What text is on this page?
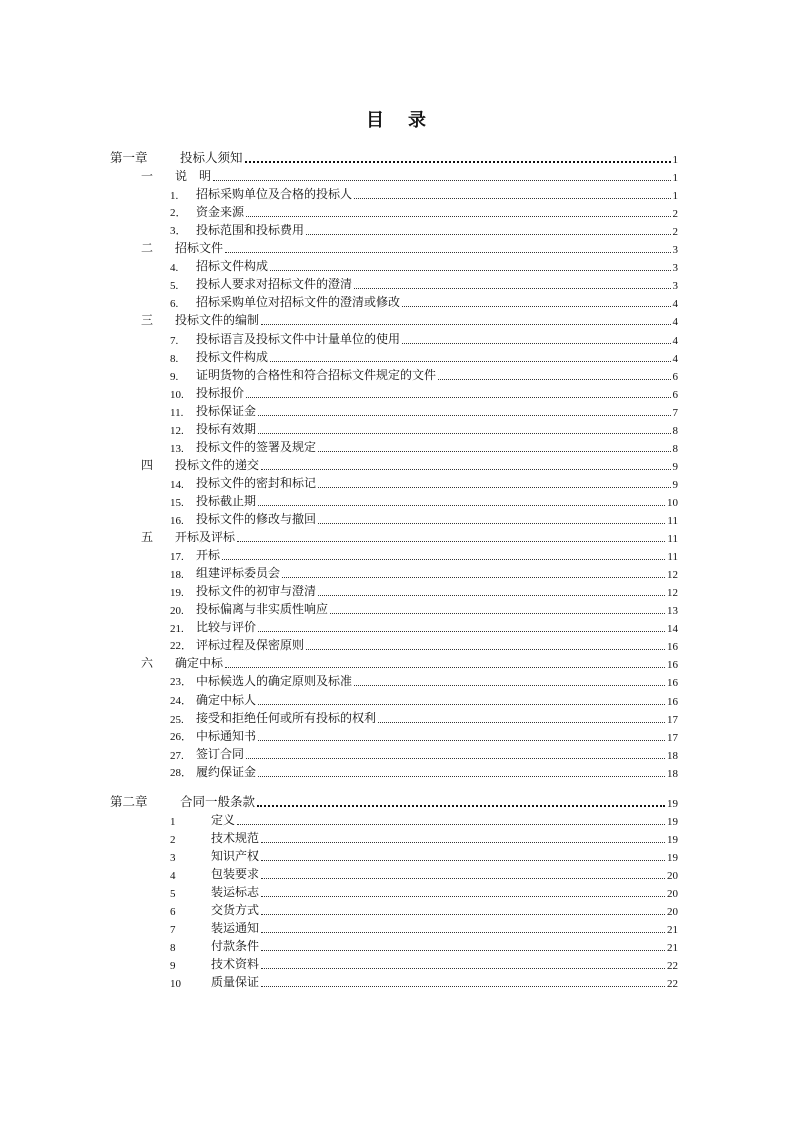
目 录
第一章	投标人须知	1
一 说　明	1
1. 招标采购单位及合格的投标人	1
2． 资金来源	2
3． 投标范围和投标费用	2
二 招标文件	3
4. 招标文件构成	3
5. 投标人要求对招标文件的澄清	3
6. 招标采购单位对招标文件的澄清或修改	4
三 投标文件的编制	4
7. 投标语言及投标文件中计量单位的使用	4
8. 投标文件构成	4
9. 证明货物的合格性和符合招标文件规定的文件	6
10. 投标报价	6
11. 投标保证金	7
12. 投标有效期	8
13. 投标文件的签署及规定	8
四 投标文件的递交	9
14. 投标文件的密封和标记	9
15. 投标截止期	10
16. 投标文件的修改与撤回	11
五 开标及评标	11
17. 开标	11
18. 组建评标委员会	12
19. 投标文件的初审与澄清	12
20. 投标偏离与非实质性响应	13
21. 比较与评价	14
22． 评标过程及保密原则	16
六 确定中标	16
23． 中标候选人的确定原则及标准	16
24． 确定中标人	16
25. 接受和拒绝任何或所有投标的权利	17
26． 中标通知书	17
27. 签订合同	18
28． 履约保证金	18
第二章	合同一般条款	19
1	定义	19
2	技术规范	19
3	知识产权	19
4	包装要求	20
5	装运标志	20
6	交货方式	20
7	装运通知	21
8	付款条件	21
9	技术资料	22
10	质量保证	22
